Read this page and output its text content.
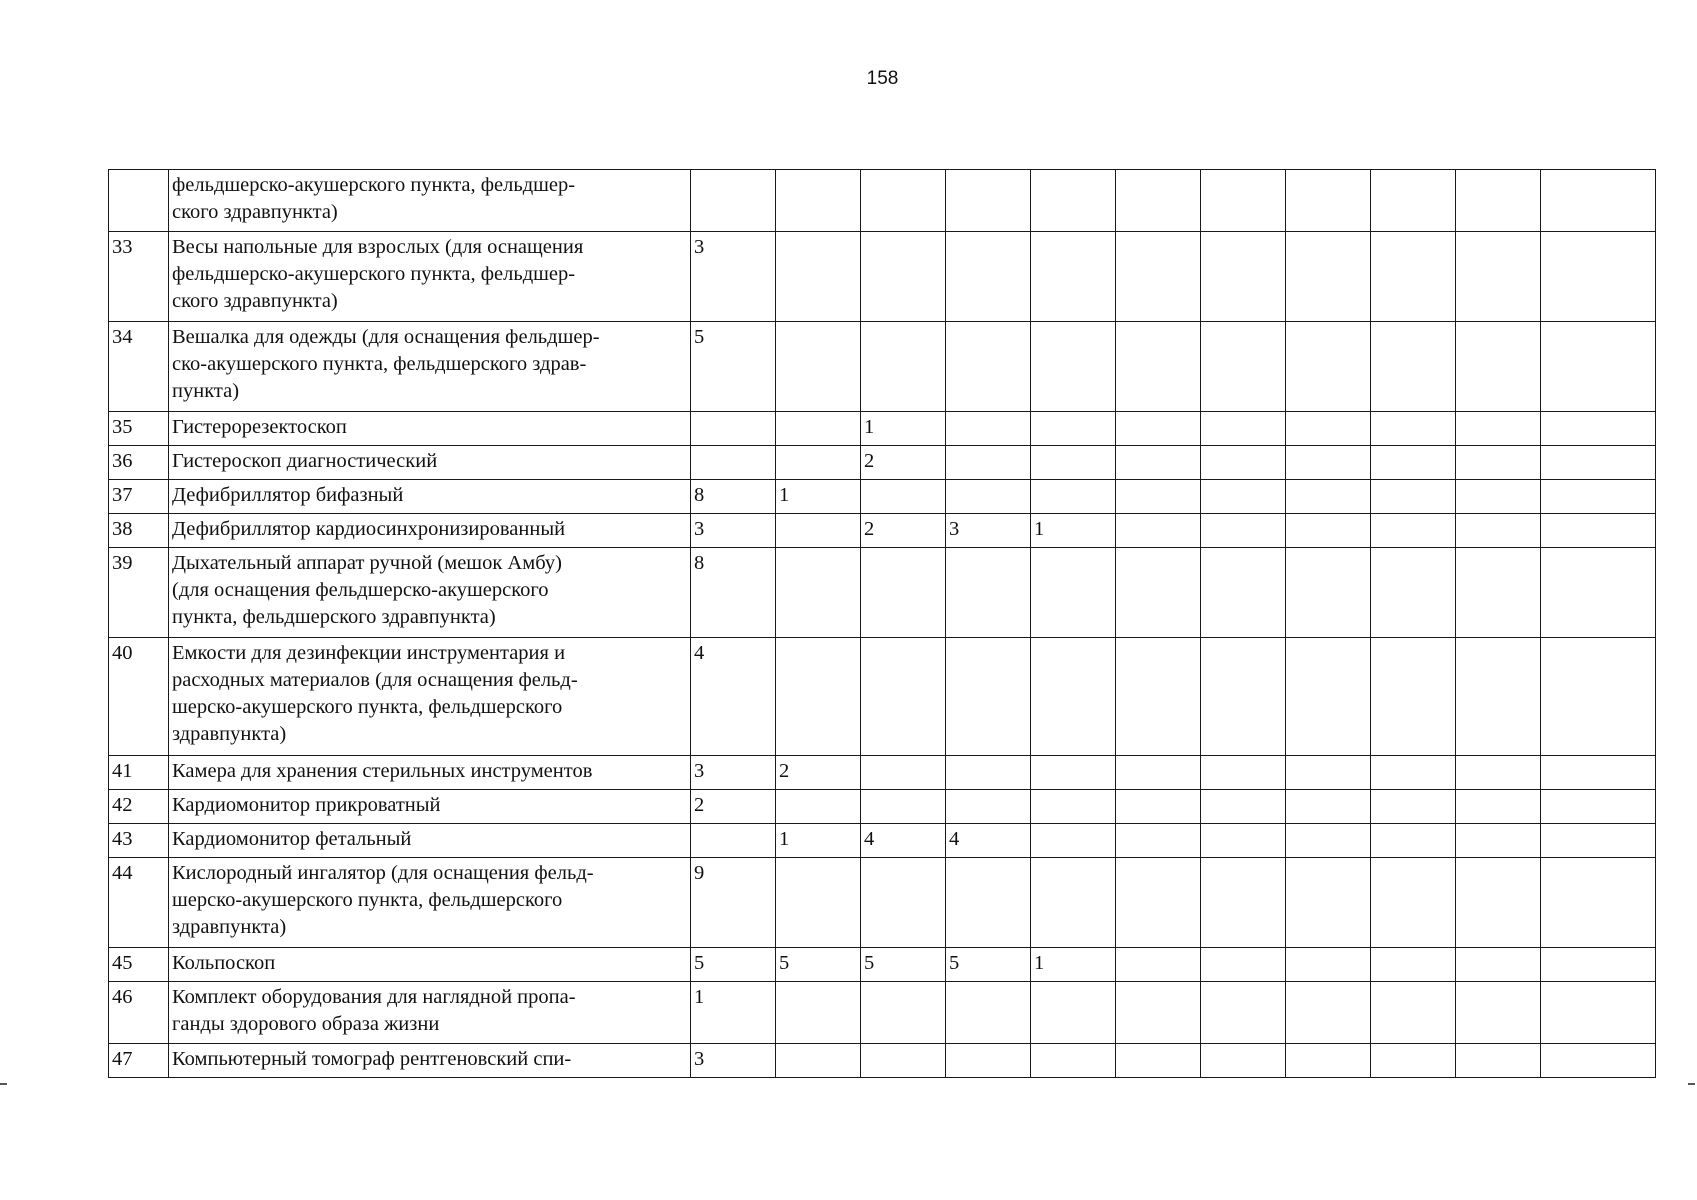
158
	фельдшерско-акушерского пункта, фельдшер-
ского здравпункта)												
33	Весы напольные для взрослых (для оснащения
фельдшерско-акушерского пункта, фельдшер-
ского здравпункта)	3											
34	Вешалка для одежды (для оснащения фельдшер-
ско-акушерского пункта, фельдшерского здрав-
пункта)	5											
35	Гистерорезектоскоп			1									
36	Гистероскоп диагностический			2									
37	Дефибриллятор бифазный	8	1										
38	Дефибриллятор кардиосинхронизированный	3		2	3	1							
39	Дыхательный аппарат ручной (мешок Амбу)
(для оснащения фельдшерско-акушерского
пункта, фельдшерского здравпункта)	8											
40	Емкости для дезинфекции инструментария и
расходных материалов (для оснащения фельд-
шерско-акушерского пункта, фельдшерского
здравпункта)	4											
41	Камера для хранения стерильных инструментов	3	2										
42	Кардиомонитор прикроватный	2											
43	Кардиомонитор фетальный		1	4	4								
44	Кислородный ингалятор (для оснащения фельд-
шерско-акушерского пункта, фельдшерского
здравпункта)	9											
45	Кольпоскоп	5	5	5	5	1							
46	Комплект оборудования для наглядной пропа-
ганды здорового образа жизни	1											
47	Компьютерный томограф рентгеновский спи-	3											
